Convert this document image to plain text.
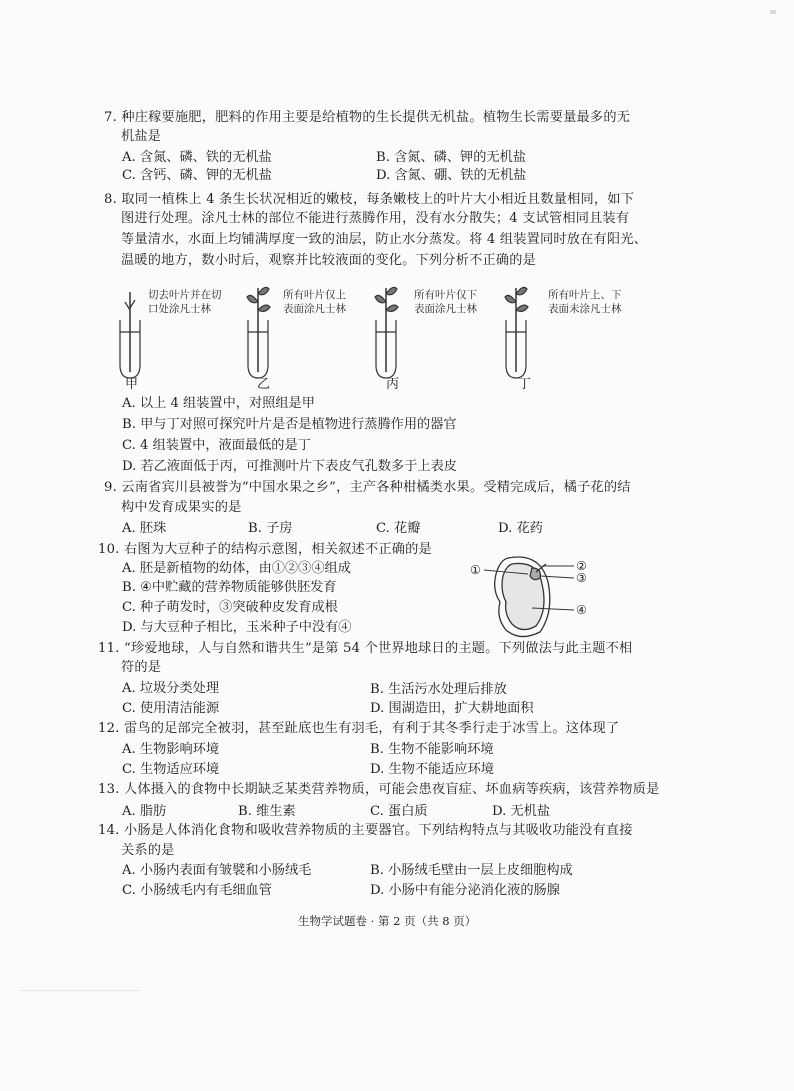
7. 种庄稼要施肥，肥料的作用主要是给植物的生长提供无机盐。植物生长需要量最多的无
机盐是
A. 含氮、磷、铁的无机盐	B. 含氮、磷、钾的无机盐
C. 含钙、磷、钾的无机盐	D. 含氮、硼、铁的无机盐
8. 取同一植株上 4 条生长状况相近的嫩枝，每条嫩枝上的叶片大小相近且数量相同，如下
图进行处理。涂凡士林的部位不能进行蒸腾作用，没有水分散失；4 支试管相同且装有
等量清水，水面上均铺满厚度一致的油层，防止水分蒸发。将 4 组装置同时放在有阳光、
温暖的地方，数小时后，观察并比较液面的变化。下列分析不正确的是
切去叶片并在切
口处涂凡士林
所有叶片仅上
表面涂凡士林
所有叶片仅下
表面涂凡士林
所有叶片上、下
表面未涂凡士林
甲	乙	丙	丁
A. 以上 4 组装置中，对照组是甲
B. 甲与丁对照可探究叶片是否是植物进行蒸腾作用的器官
C. 4 组装置中，液面最低的是丁
D. 若乙液面低于丙，可推测叶片下表皮气孔数多于上表皮
9. 云南省宾川县被誉为“中国水果之乡”，主产各种柑橘类水果。受精完成后，橘子花的结
构中发育成果实的是
A. 胚珠	B. 子房	C. 花瓣	D. 花药
10. 右图为大豆种子的结构示意图，相关叙述不正确的是
A. 胚是新植物的幼体，由①②③④组成
B. ④中贮藏的营养物质能够供胚发育
C. 种子萌发时，③突破种皮发育成根
D. 与大豆种子相比，玉米种子中没有④
①	②
③
④
11. “珍爱地球，人与自然和谐共生”是第 54 个世界地球日的主题。下列做法与此主题不相
符的是
A. 垃圾分类处理	B. 生活污水处理后排放
C. 使用清洁能源	D. 围湖造田，扩大耕地面积
12. 雷鸟的足部完全被羽，甚至趾底也生有羽毛，有利于其冬季行走于冰雪上。这体现了
A. 生物影响环境	B. 生物不能影响环境
C. 生物适应环境	D. 生物不能适应环境
13. 人体摄入的食物中长期缺乏某类营养物质，可能会患夜盲症、坏血病等疾病，该营养物质是
A. 脂肪	B. 维生素	C. 蛋白质	D. 无机盐
14. 小肠是人体消化食物和吸收营养物质的主要器官。下列结构特点与其吸收功能没有直接
关系的是
A. 小肠内表面有皱襞和小肠绒毛	B. 小肠绒毛壁由一层上皮细胞构成
C. 小肠绒毛内有毛细血管	D. 小肠中有能分泌消化液的肠腺
生物学试题卷 · 第 2 页（共 8 页）
